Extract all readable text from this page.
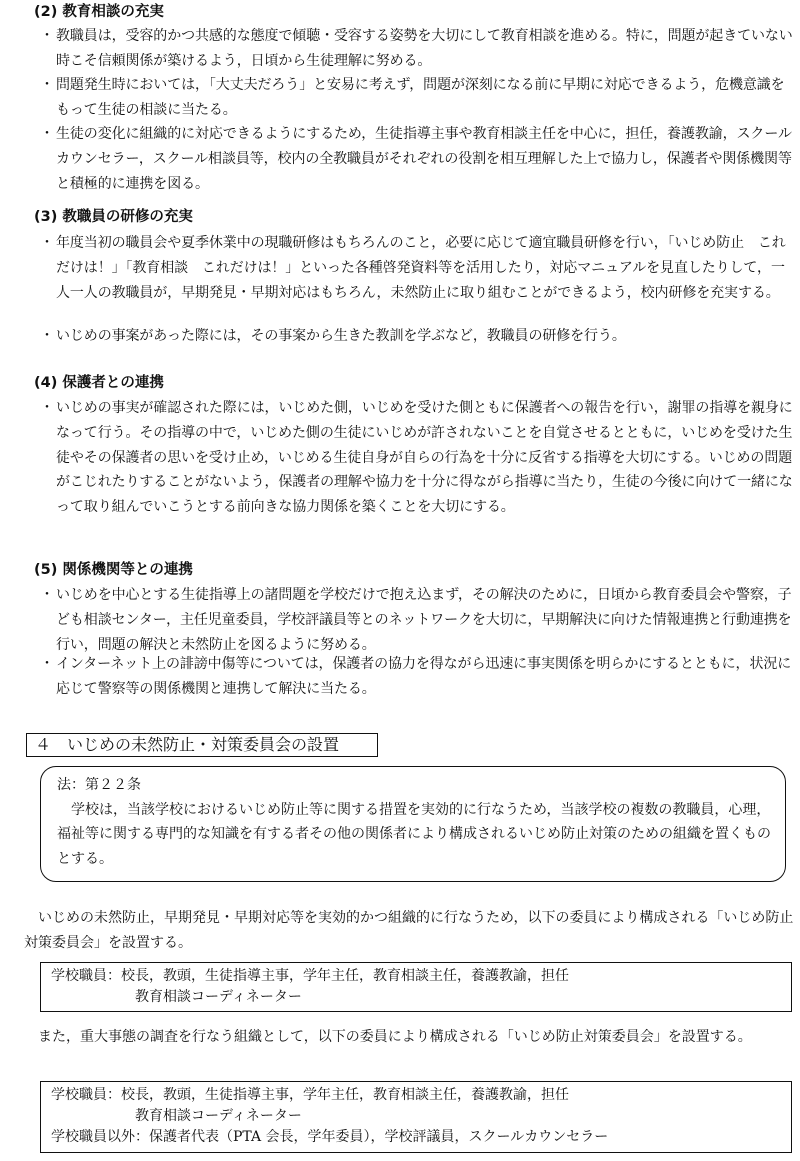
(2) 教育相談の充実
・ 教職員は，受容的かつ共感的な態度で傾聴・受容する姿勢を大切にして教育相談を進める。特に，問題が起きていない時こそ信頼関係が築けるよう，日頃から生徒理解に努める。
・ 問題発生時においては，「大丈夫だろう」と安易に考えず，問題が深刻になる前に早期に対応できるよう，危機意識をもって生徒の相談に当たる。
・ 生徒の変化に組織的に対応できるようにするため，生徒指導主事や教育相談主任を中心に，担任，養護教諭，スクールカウンセラー，スクール相談員等，校内の全教職員がそれぞれの役割を相互理解した上で協力し，保護者や関係機関等と積極的に連携を図る。
(3) 教職員の研修の充実
・ 年度当初の職員会や夏季休業中の現職研修はもちろんのこと，必要に応じて適宜職員研修を行い，「いじめ防止　これだけは！」「教育相談　これだけは！」といった各種啓発資料等を活用したり，対応マニュアルを見直したりして，一人一人の教職員が，早期発見・早期対応はもちろん，未然防止に取り組むことができるよう，校内研修を充実する。
・ いじめの事案があった際には，その事案から生きた教訓を学ぶなど，教職員の研修を行う。
(4) 保護者との連携
・ いじめの事実が確認された際には，いじめた側，いじめを受けた側ともに保護者への報告を行い，謝罪の指導を親身になって行う。その指導の中で，いじめた側の生徒にいじめが許されないことを自覚させるとともに，いじめを受けた生徒やその保護者の思いを受け止め，いじめる生徒自身が自らの行為を十分に反省する指導を大切にする。いじめの問題がこじれたりすることがないよう，保護者の理解や協力を十分に得ながら指導に当たり，生徒の今後に向けて一緒になって取り組んでいこうとする前向きな協力関係を築くことを大切にする。
(5) 関係機関等との連携
・ いじめを中心とする生徒指導上の諸問題を学校だけで抱え込まず，その解決のために，日頃から教育委員会や警察，子ども相談センター，主任児童委員，学校評議員等とのネットワークを大切に，早期解決に向けた情報連携と行動連携を行い，問題の解決と未然防止を図るように努める。
・ インターネット上の誹謗中傷等については，保護者の協力を得ながら迅速に事実関係を明らかにするとともに，状況に応じて警察等の関係機関と連携して解決に当たる。
４　いじめの未然防止・対策委員会の設置
法：第２２条
学校は，当該学校におけるいじめ防止等に関する措置を実効的に行なうため，当該学校の複数の教職員，心理，福祉等に関する専門的な知識を有する者その他の関係者により構成されるいじめ防止対策のための組織を置くものとする。
いじめの未然防止，早期発見・早期対応等を実効的かつ組織的に行なうため，以下の委員により構成される「いじめ防止対策委員会」を設置する。
学校職員： 校長，教頭，生徒指導主事，学年主任，教育相談主任，養護教諭，担任
教育相談コーディネーター
また，重大事態の調査を行なう組織として，以下の委員により構成される「いじめ防止対策委員会」を設置する。
学校職員： 校長，教頭，生徒指導主事，学年主任，教育相談主任，養護教諭，担任
教育相談コーディネーター
学校職員以外： 保護者代表（PTA 会長，学年委員），学校評議員，スクールカウンセラー
